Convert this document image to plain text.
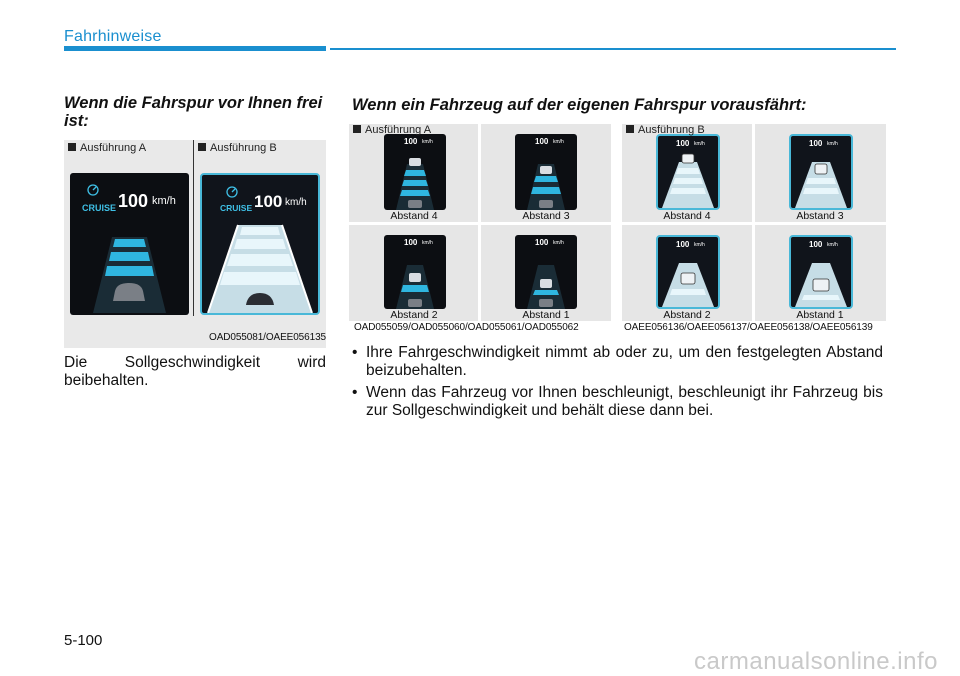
Fahrhinweise
Wenn die Fahrspur vor Ihnen frei ist:
Ausführung A	Ausführung B
CRUISE 100 km/h
CRUISE 100 km/h
OAD055081/OAEE056135
Die Sollgeschwindigkeit wird beibehalten.
Wenn ein Fahrzeug auf der eigenen Fahrspur vorausfährt:
100 km/h
Abstand 4
100 km/h
Abstand 3
100 km/h
Abstand 2
100 km/h
Abstand 1
Ausführung A
OAD055059/OAD055060/OAD055061/OAD055062
100 km/h
Abstand 4
100 km/h
Abstand 3
100 km/h
Abstand 2
100 km/h
Abstand 1
Ausführung B
OAEE056136/OAEE056137/OAEE056138/OAEE056139
• Ihre Fahrgeschwindigkeit nimmt ab oder zu, um den festgelegten Abstand beizubehalten.
• Wenn das Fahrzeug vor Ihnen beschleunigt, beschleunigt ihr Fahrzeug bis zur Sollgeschwindigkeit und behält diese dann bei.
5-100
carmanualsonline.info
